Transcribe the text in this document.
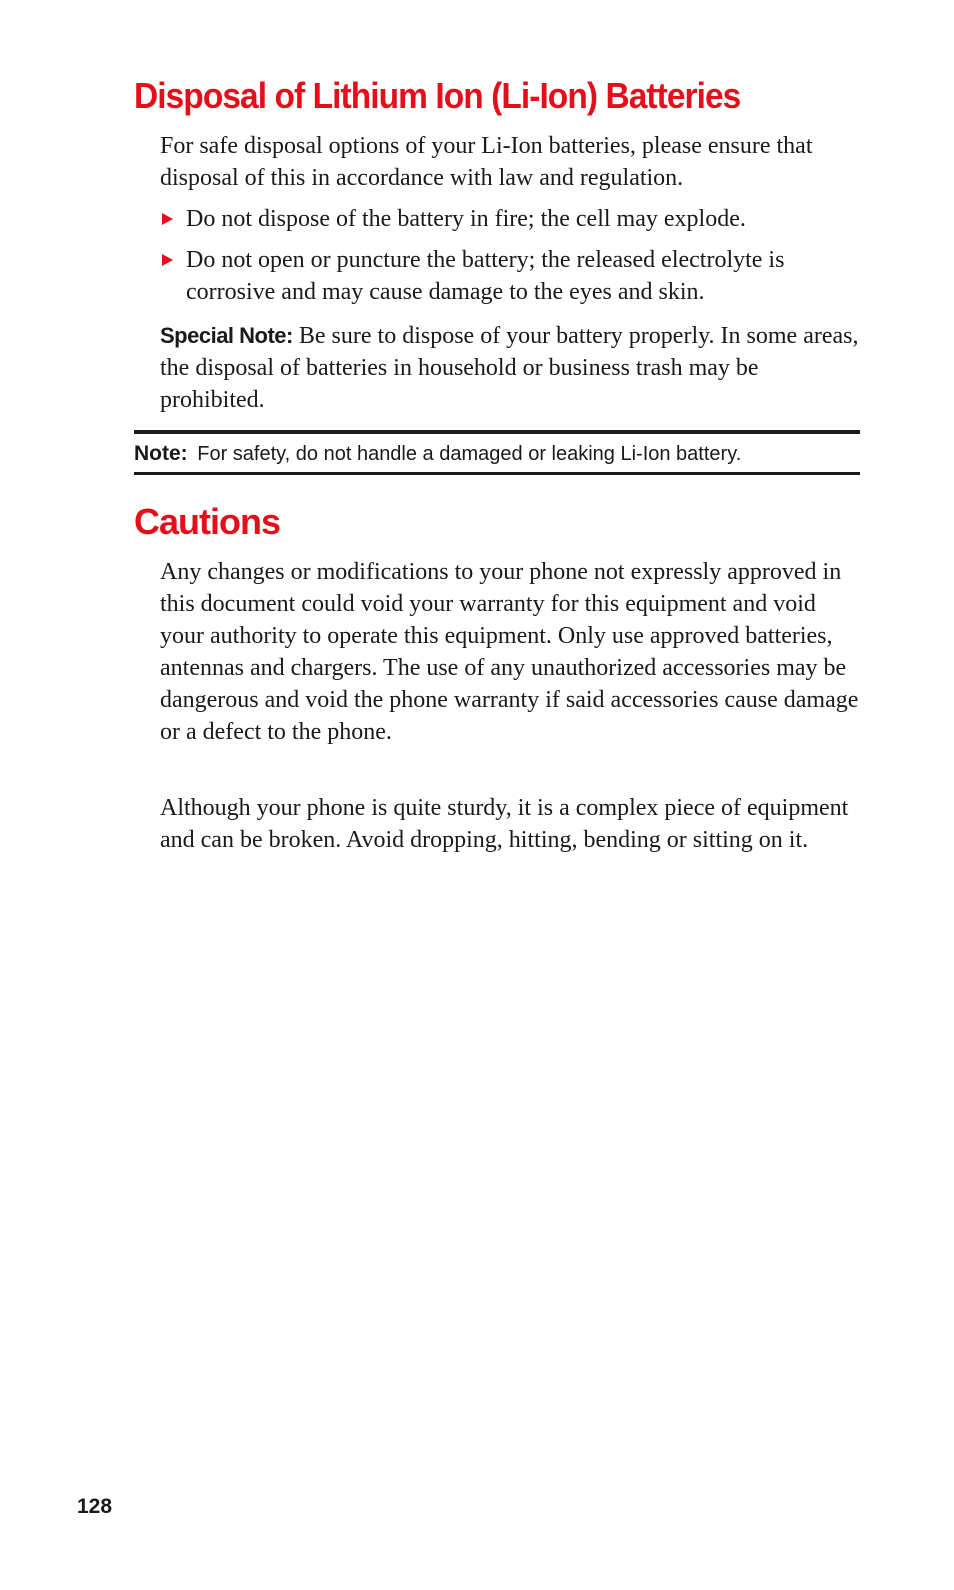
Disposal of Lithium Ion (Li-Ion) Batteries

For safe disposal options of your Li-Ion batteries, please ensure that disposal of this in accordance with law and regulation.

Do not dispose of the battery in fire; the cell may explode.
Do not open or puncture the battery; the released electrolyte is corrosive and may cause damage to the eyes and skin.

Special Note: Be sure to dispose of your battery properly. In some areas, the disposal of batteries in household or business trash may be prohibited.

Note: For safety, do not handle a damaged or leaking Li-Ion battery.
Cautions

Any changes or modifications to your phone not expressly approved in this document could void your warranty for this equipment and void your authority to operate this equipment. Only use approved batteries, antennas and chargers. The use of any unauthorized accessories may be dangerous and void the phone warranty if said accessories cause damage or a defect to the phone.

Although your phone is quite sturdy, it is a complex piece of equipment and can be broken. Avoid dropping, hitting, bending or sitting on it.

128
